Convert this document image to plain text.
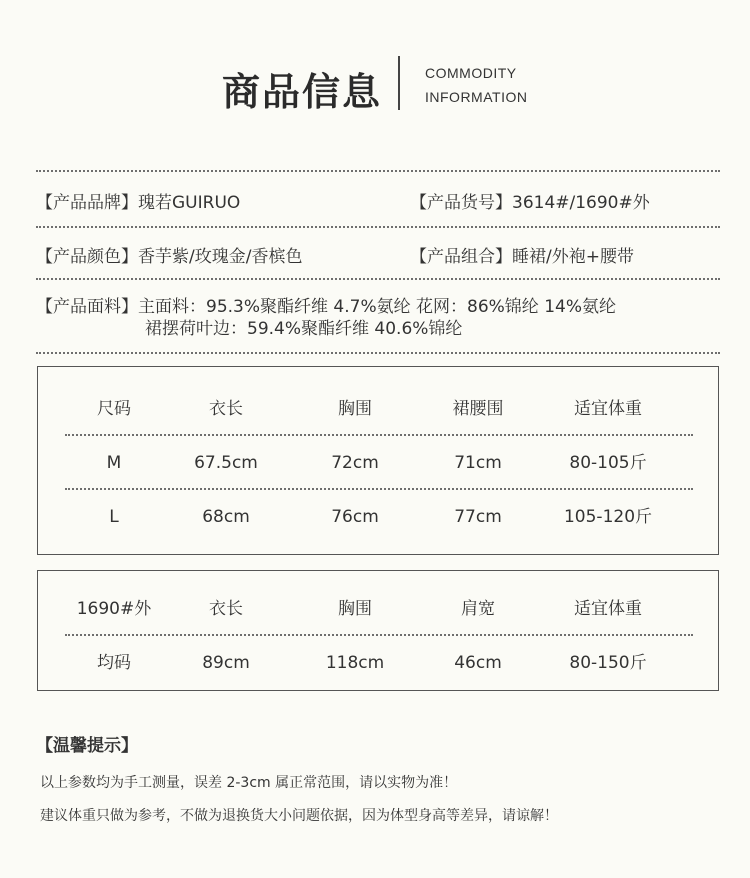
商品信息	COMMODITY
INFORMATION
【产品品牌】瑰若GUIRUO	【产品货号】3614#/1690#外
【产品颜色】香芋紫/玫瑰金/香槟色	【产品组合】睡裙/外袍+腰带
【产品面料】主面料：95.3%聚酯纤维 4.7%氨纶 花网：86%锦纶 14%氨纶
裙摆荷叶边：59.4%聚酯纤维 40.6%锦纶
尺码	衣长	胸围	裙腰围	适宜体重
M	67.5cm	72cm	71cm	80-105斤
L	68cm	76cm	77cm	105-120斤
1690#外	衣长	胸围	肩宽	适宜体重
均码	89cm	118cm	46cm	80-150斤
【温馨提示】
以上参数均为手工测量，误差 2-3cm 属正常范围，请以实物为准！
建议体重只做为参考，不做为退换货大小问题依据，因为体型身高等差异，请谅解！
